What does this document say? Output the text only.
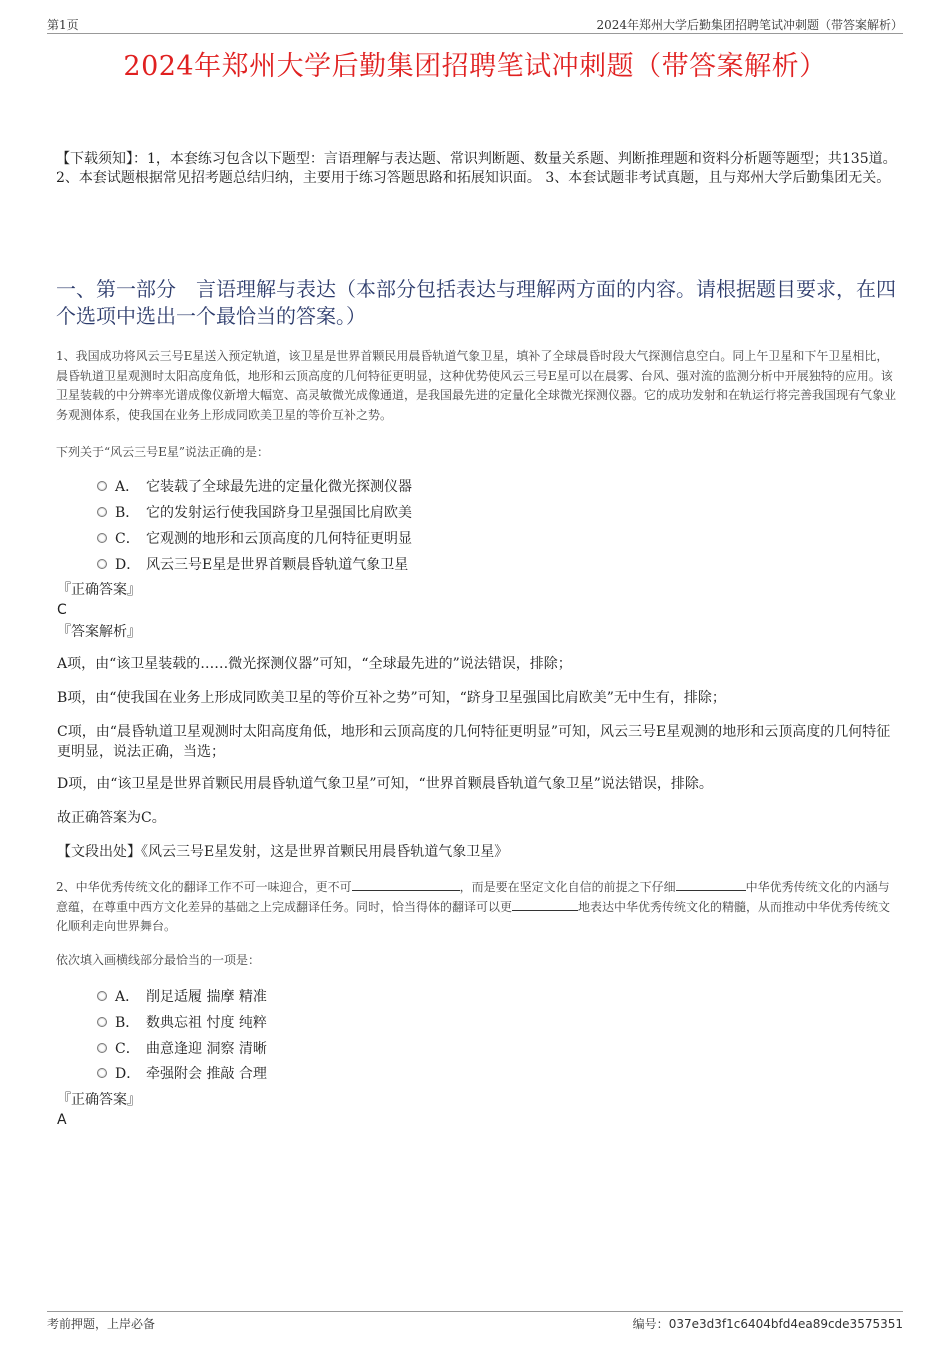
第1页	2024年郑州大学后勤集团招聘笔试冲刺题（带答案解析）
2024年郑州大学后勤集团招聘笔试冲刺题（带答案解析）
【下载须知】：1，本套练习包含以下题型：言语理解与表达题、常识判断题、数量关系题、判断推理题和资料分析题等题型；共135道。 2、本套试题根据常见招考题总结归纳，主要用于练习答题思路和拓展知识面。 3、本套试题非考试真题，且与郑州大学后勤集团无关。
一、第一部分　言语理解与表达（本部分包括表达与理解两方面的内容。请根据题目要求，在四个选项中选出一个最恰当的答案。）
1、我国成功将风云三号E星送入预定轨道，该卫星是世界首颗民用晨昏轨道气象卫星，填补了全球晨昏时段大气探测信息空白。同上午卫星和下午卫星相比，晨昏轨道卫星观测时太阳高度角低，地形和云顶高度的几何特征更明显，这种优势使风云三号E星可以在晨雾、台风、强对流的监测分析中开展独特的应用。该卫星装载的中分辨率光谱成像仪新增大幅宽、高灵敏微光成像通道，是我国最先进的定量化全球微光探测仪器。它的成功发射和在轨运行将完善我国现有气象业务观测体系，使我国在业务上形成同欧美卫星的等价互补之势。
下列关于“风云三号E星”说法正确的是：
A． 它装载了全球最先进的定量化微光探测仪器
B． 它的发射运行使我国跻身卫星强国比肩欧美
C． 它观测的地形和云顶高度的几何特征更明显
D． 风云三号E星是世界首颗晨昏轨道气象卫星
『正确答案』
C
『答案解析』
A项，由“该卫星装载的……微光探测仪器”可知，“全球最先进的”说法错误，排除；
B项，由“使我国在业务上形成同欧美卫星的等价互补之势”可知，“跻身卫星强国比肩欧美”无中生有，排除；
C项，由“晨昏轨道卫星观测时太阳高度角低，地形和云顶高度的几何特征更明显”可知，风云三号E星观测的地形和云顶高度的几何特征更明显，说法正确，当选；
D项，由“该卫星是世界首颗民用晨昏轨道气象卫星”可知，“世界首颗晨昏轨道气象卫星”说法错误，排除。
故正确答案为C。
【文段出处】《风云三号E星发射，这是世界首颗民用晨昏轨道气象卫星》
2、中华优秀传统文化的翻译工作不可一味迎合，更不可	，而是要在坚定文化自信的前提之下仔细	中华优秀传统文化的内涵与意蕴，在尊重中西方文化差异的基础之上完成翻译任务。同时，恰当得体的翻译可以更	地表达中华优秀传统文化的精髓，从而推动中华优秀传统文化顺利走向世界舞台。
依次填入画横线部分最恰当的一项是：
A． 削足适履 揣摩 精准
B． 数典忘祖 忖度 纯粹
C． 曲意逢迎 洞察 清晰
D． 牵强附会 推敲 合理
『正确答案』
A
考前押题，上岸必备	编号：037e3d3f1c6404bfd4ea89cde3575351
